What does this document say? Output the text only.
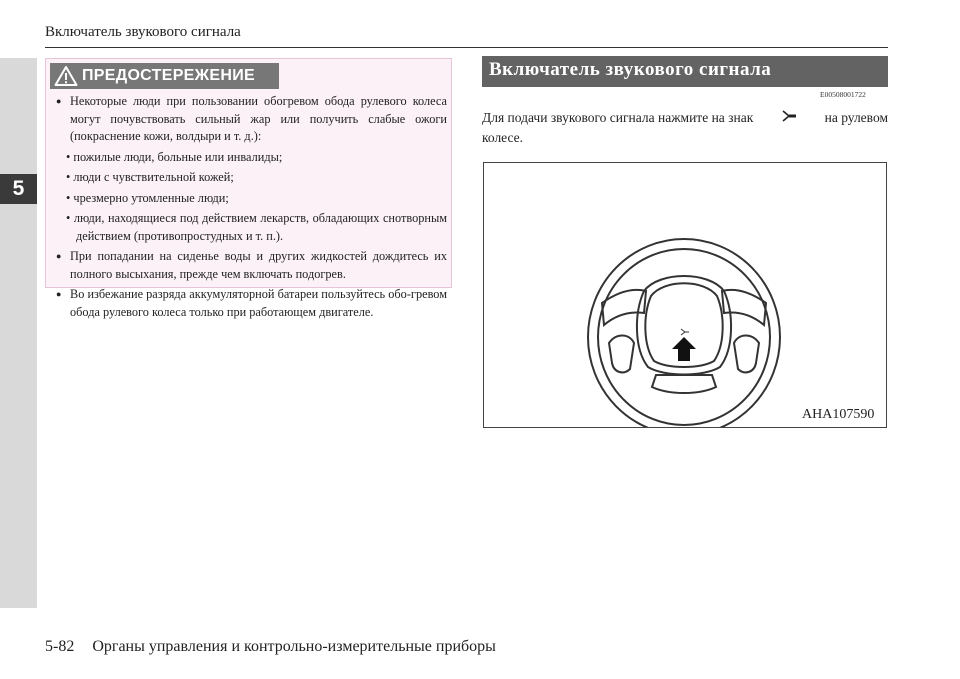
5
Включатель звукового сигнала
ПРЕДОСТЕРЕЖЕНИЕ
● Некоторые люди при пользовании обогревом обода рулевого колеса могут почувствовать сильный жар или получить слабые ожоги (покраснение кожи, волдыри и т. д.):
• пожилые люди, больные или инвалиды;
• люди с чувствительной кожей;
• чрезмерно утомленные люди;
• люди, находящиеся под действием лекарств, обладающих снотворным действием (противопростудных и т. п.).
● При попадании на сиденье воды и других жидкостей дождитесь их полного высыхания, прежде чем включать подогрев.
● Во избежание разряда аккумуляторной батареи пользуйтесь обо-гревом обода рулевого колеса только при работающем двигателе.
Включатель звукового сигнала
E00508001722
Для подачи звукового сигнала нажмите на знак	на рулевом
колесе.
AHA107590
5-82 Органы управления и контрольно-измерительные приборы
